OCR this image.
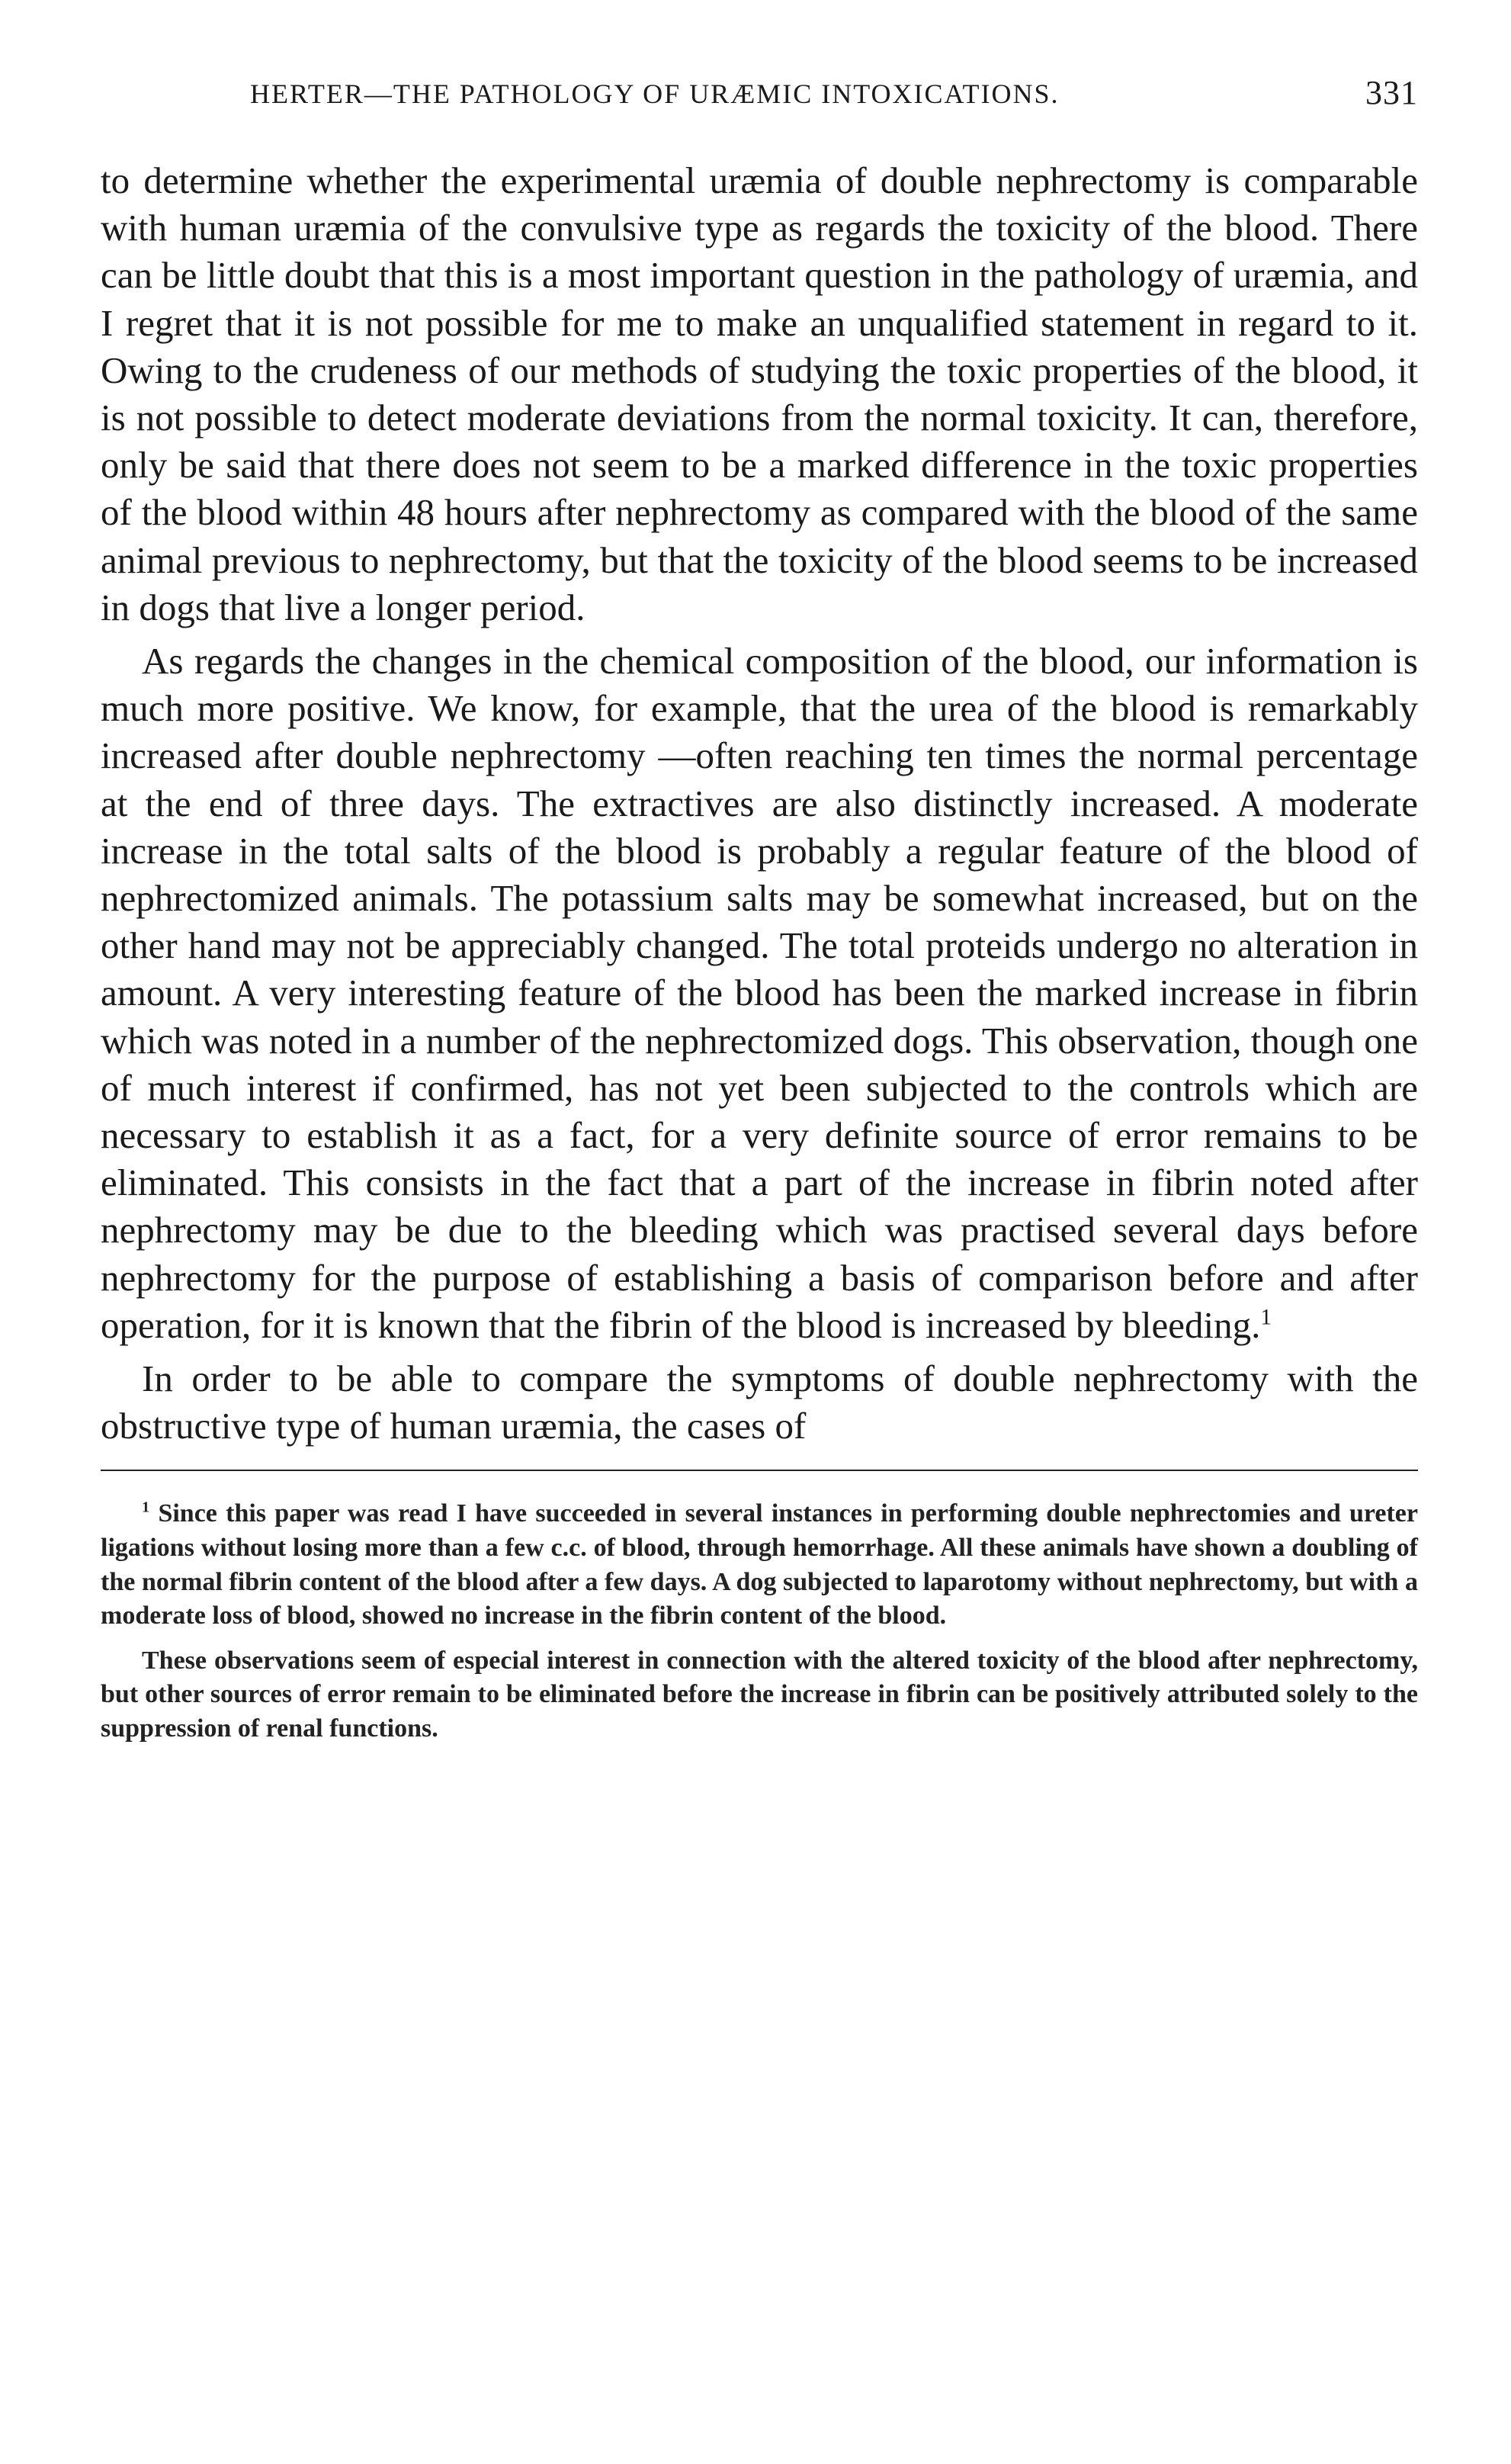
HERTER—THE PATHOLOGY OF URÆMIC INTOXICATIONS.	331

to determine whether the experimental uræmia of double nephrectomy is comparable with human uræmia of the convulsive type as regards the toxicity of the blood. There can be little doubt that this is a most important question in the pathology of uræmia, and I regret that it is not possible for me to make an unqualified statement in regard to it. Owing to the crudeness of our methods of studying the toxic properties of the blood, it is not possible to detect moderate deviations from the normal toxicity. It can, therefore, only be said that there does not seem to be a marked difference in the toxic properties of the blood within 48 hours after nephrectomy as compared with the blood of the same animal previous to nephrectomy, but that the toxicity of the blood seems to be increased in dogs that live a longer period.

As regards the changes in the chemical composition of the blood, our information is much more positive. We know, for example, that the urea of the blood is remarkably increased after double nephrectomy —often reaching ten times the normal percentage at the end of three days. The extractives are also distinctly increased. A moderate increase in the total salts of the blood is probably a regular feature of the blood of nephrectomized animals. The potassium salts may be somewhat increased, but on the other hand may not be appreciably changed. The total proteids undergo no alteration in amount. A very interesting feature of the blood has been the marked increase in fibrin which was noted in a number of the nephrectomized dogs. This observation, though one of much interest if confirmed, has not yet been subjected to the controls which are necessary to establish it as a fact, for a very definite source of error remains to be eliminated. This consists in the fact that a part of the increase in fibrin noted after nephrectomy may be due to the bleeding which was practised several days before nephrectomy for the purpose of establishing a basis of comparison before and after operation, for it is known that the fibrin of the blood is increased by bleeding.$^1$

In order to be able to compare the symptoms of double nephrectomy with the obstructive type of human uræmia, the cases of

$^1$ Since this paper was read I have succeeded in several instances in performing double nephrectomies and ureter ligations without losing more than a few c.c. of blood, through hemorrhage. All these animals have shown a doubling of the normal fibrin content of the blood after a few days. A dog subjected to laparotomy without nephrectomy, but with a moderate loss of blood, showed no increase in the fibrin content of the blood.

These observations seem of especial interest in connection with the altered toxicity of the blood after nephrectomy, but other sources of error remain to be eliminated before the increase in fibrin can be positively attributed solely to the suppression of renal functions.
